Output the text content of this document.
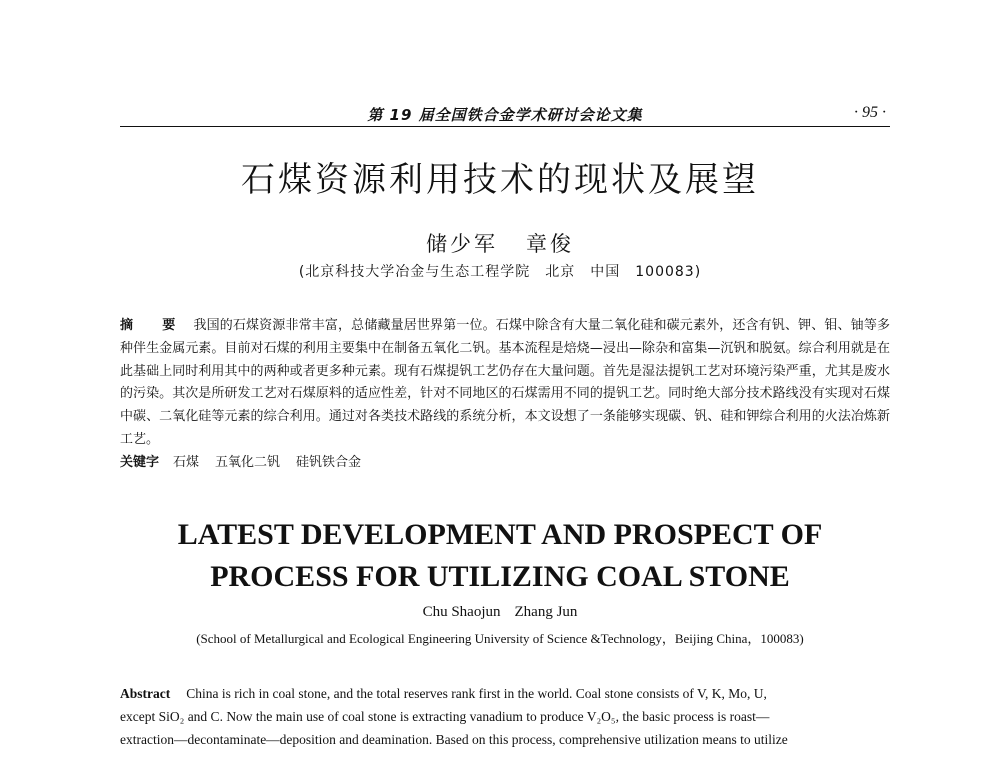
第 19 届全国铁合金学术研讨会论文集	· 95 ·
石煤资源利用技术的现状及展望
储少军 章俊
(北京科技大学冶金与生态工程学院　北京　中国　100083)
摘　要 我国的石煤资源非常丰富，总储藏量居世界第一位。石煤中除含有大量二氧化硅和碳元素外，还含有钒、钾、钼、铀等多种伴生金属元素。目前对石煤的利用主要集中在制备五氧化二钒。基本流程是焙烧—浸出—除杂和富集—沉钒和脱氨。综合利用就是在此基础上同时利用其中的两种或者更多种元素。现有石煤提钒工艺仍存在大量问题。首先是湿法提钒工艺对环境污染严重，尤其是废水的污染。其次是所研发工艺对石煤原料的适应性差，针对不同地区的石煤需用不同的提钒工艺。同时绝大部分技术路线没有实现对石煤中碳、二氧化硅等元素的综合利用。通过对各类技术路线的系统分析，本文设想了一条能够实现碳、钒、硅和钾综合利用的火法冶炼新工艺。
关键字 石煤 五氧化二钒 硅钒铁合金
LATEST DEVELOPMENT AND PROSPECT OF
PROCESS FOR UTILIZING COAL STONE
Chu Shaojun Zhang Jun
(School of Metallurgical and Ecological Engineering University of Science &Technology，Beijing China，100083)
Abstract China is rich in coal stone, and the total reserves rank first in the world. Coal stone consists of V, K, Mo, U,
except SiO₂ and C. Now the main use of coal stone is extracting vanadium to produce V₂O₅, the basic process is roast—
extraction—decontaminate—deposition and deamination. Based on this process, comprehensive utilization means to utilize
